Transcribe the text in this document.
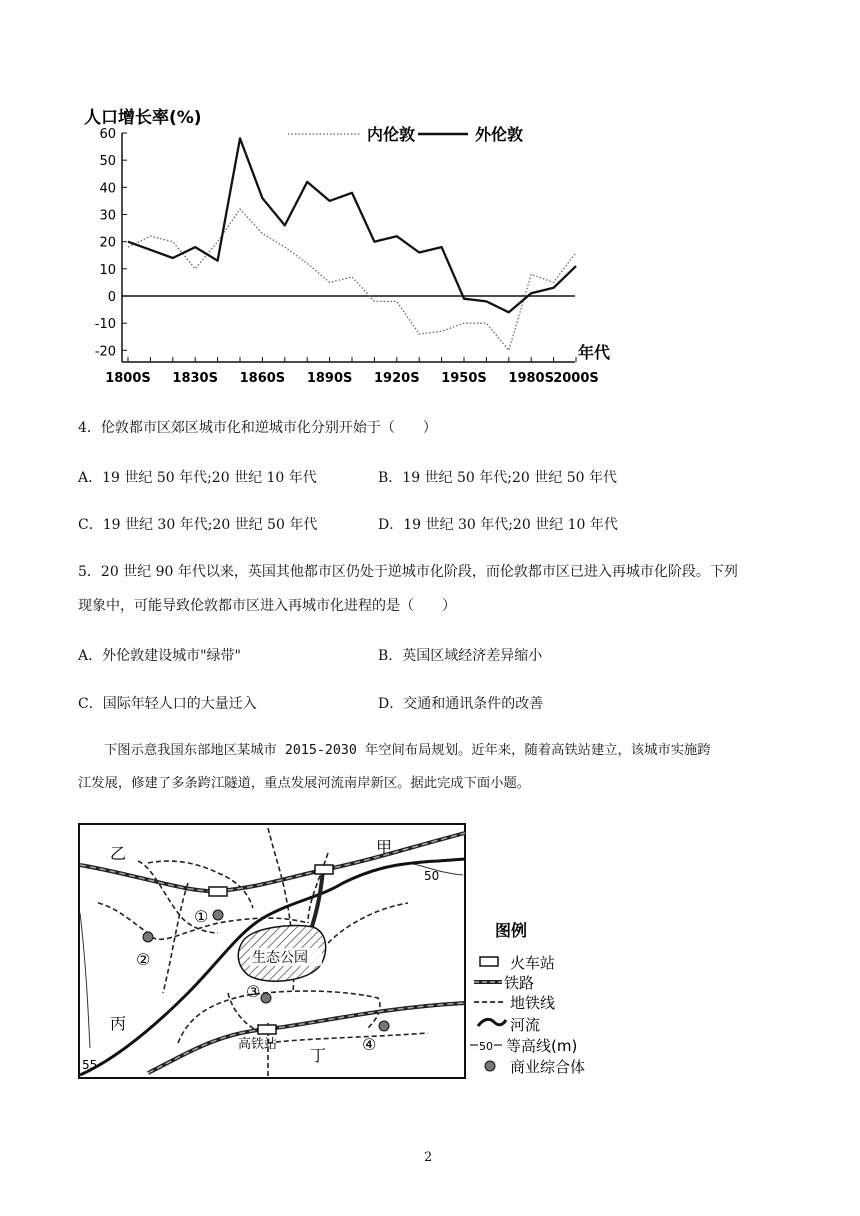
人口增长率(%)
60
50
40
30
20
10
0
-10
-20
1800S 1830S 1860S 1890S 1920S 1950S 1980S 2000S
内伦敦	外伦敦
年代
4．伦敦都市区郊区城市化和逆城市化分别开始于（　　）
A．19 世纪 50 年代;20 世纪 10 年代	B．19 世纪 50 年代;20 世纪 50 年代
C．19 世纪 30 年代;20 世纪 50 年代	D．19 世纪 30 年代;20 世纪 10 年代
5．20 世纪 90 年代以来，英国其他都市区仍处于逆城市化阶段，而伦敦都市区已进入再城市化阶段。下列
现象中，可能导致伦敦都市区进入再城市化进程的是（　　）
A．外伦敦建设城市"绿带"	B．英国区域经济差异缩小
C．国际年轻人口的大量迁入	D．交通和通讯条件的改善
下图示意我国东部地区某城市 2015-2030 年空间布局规划。近年来，随着高铁站建立，该城市实施跨
江发展，修建了多条跨江隧道，重点发展河流南岸新区。据此完成下面小题。
生态公园
①
②
③
④
乙	甲
丙
丁
高铁站
50
55
图例
火车站
铁路
地铁线
河流
50 等高线(m)
商业综合体
2
